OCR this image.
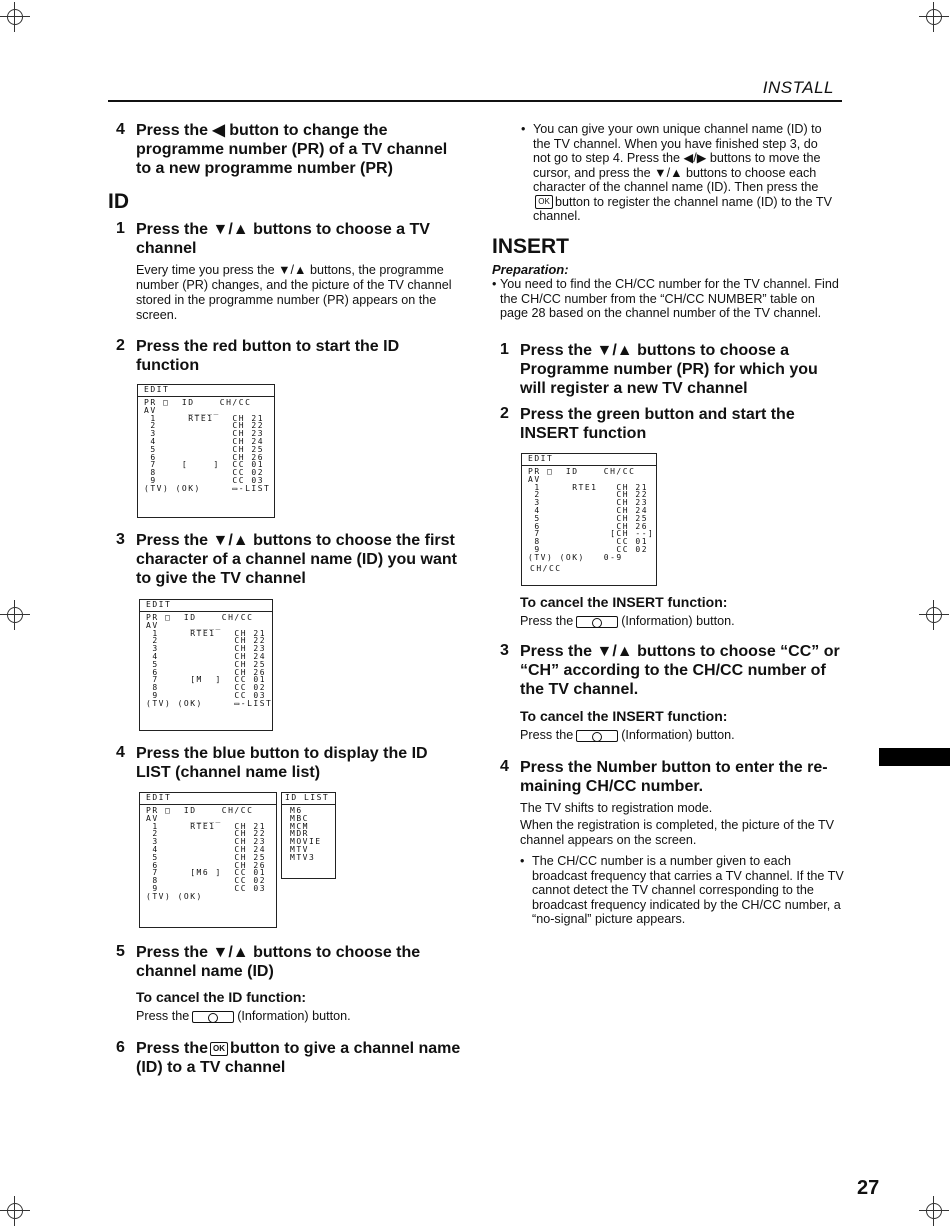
INSTALL
27
4 Press the ◀ button to change the programme number (PR) of a TV channel to a new programme number (PR)
ID
1 Press the ▼/▲ buttons to choose a TV channel
Every time you press the ▼/▲ buttons, the programme number (PR) changes, and the picture of the TV channel stored in the programme number (PR) appears on the screen.
2 Press the red button to start the ID function
EDIT
PR □  ID    CH/CC
AV     _____
1     RTE1   CH 21
2            CH 22
3            CH 23
4            CH 24
5            CH 25
6            CH 26
7    [    ]  CC 01
8            CC 02
9            CC 03
(TV) (OK)     ▭-LIST
3 Press the ▼/▲ buttons to choose the first character of a channel name (ID) you want to give the TV channel
EDIT
PR □  ID    CH/CC
AV     _____
1     RTE1   CH 21
2            CH 22
3            CH 23
4            CH 24
5            CH 25
6            CH 26
7     [M  ]  CC 01
8            CC 02
9            CC 03
(TV) (OK)     ▭-LIST
4 Press the blue button to display the ID LIST (channel name list)
EDIT
PR □  ID    CH/CC
AV     _____
1     RTE1   CH 21
2            CH 22
3            CH 23
4            CH 24
5            CH 25
6            CH 26
7     [M6 ]  CC 01
8            CC 02
9            CC 03
(TV) (OK)
ID LIST
M6
MBC
MCM
MDR
MOVIE
MTV
MTV3
5 Press the ▼/▲ buttons to choose the channel name (ID)
To cancel the ID function:
Press the	(Information) button.
6 Press the OK button to give a channel name (ID) to a TV channel
• You can give your own unique channel name (ID) to the TV channel. When you have finished step 3, do not go to step 4. Press the ◀/▶ buttons to move the cursor, and press the ▼/▲ buttons to choose each character of the channel name (ID). Then press theOK button to register the channel name (ID) to the TV channel.
INSERT
Preparation:
• You need to find the CH/CC number for the TV channel. Find the CH/CC number from the “CH/CC NUMBER” table on page 28 based on the channel number of the TV channel.
1 Press the ▼/▲ buttons to choose a Programme number (PR) for which you will register a new TV channel
2 Press the green button and start the INSERT function
EDIT
PR □  ID    CH/CC
AV
1     RTE1   CH 21
2            CH 22
3            CH 23
4            CH 24
5            CH 25
6            CH 26
7           [CH --]
8            CC 01
9            CC 02
(TV) (OK)   0-9
CH/CC
To cancel the INSERT function:
Press the	(Information) button.
3 Press the ▼/▲ buttons to choose “CC” or “CH” according to the CH/CC number of the TV channel.
To cancel the INSERT function:
Press the	(Information) button.
4 Press the Number button to enter the re-maining CH/CC number.
The TV shifts to registration mode.
When the registration is completed, the picture of the TV channel appears on the screen.
• The CH/CC number is a number given to each broadcast frequency that carries a TV channel. If the TV cannot detect the TV channel corresponding to the broadcast frequency indicated by the CH/CC number, a “no-signal” picture appears.
